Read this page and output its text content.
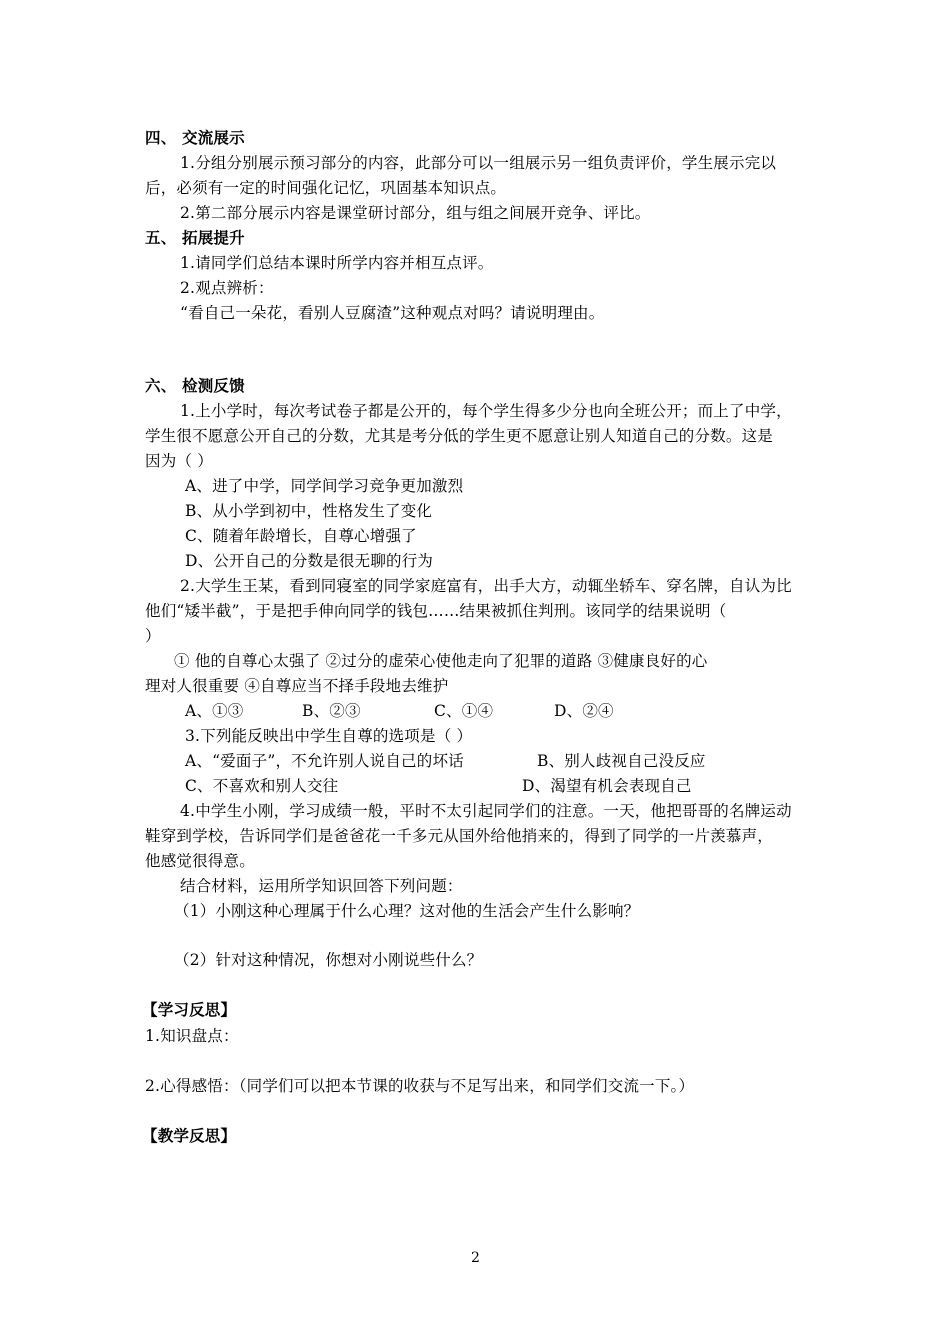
四、 交流展示
1.分组分别展示预习部分的内容，此部分可以一组展示另一组负责评价，学生展示完以
后，必须有一定的时间强化记忆，巩固基本知识点。
2.第二部分展示内容是课堂研讨部分，组与组之间展开竞争、评比。
五、 拓展提升
1.请同学们总结本课时所学内容并相互点评。
2.观点辨析：
“看自己一朵花，看别人豆腐渣”这种观点对吗？请说明理由。
六、 检测反馈
1.上小学时，每次考试卷子都是公开的，每个学生得多少分也向全班公开；而上了中学，
学生很不愿意公开自己的分数，尤其是考分低的学生更不愿意让别人知道自己的分数。这是
因为（ ）
A、进了中学，同学间学习竞争更加激烈
B、从小学到初中，性格发生了变化
C、随着年龄增长，自尊心增强了
D、公开自己的分数是很无聊的行为
2.大学生王某，看到同寝室的同学家庭富有，出手大方，动辄坐轿车、穿名牌，自认为比
他们“矮半截”，于是把手伸向同学的钱包……结果被抓住判刑。该同学的结果说明（
）
① 他的自尊心太强了 ②过分的虚荣心使他走向了犯罪的道路 ③健康良好的心
理对人很重要 ④自尊应当不择手段地去维护
A、①③	B、②③	C、①④	D、②④
3.下列能反映出中学生自尊的选项是（ ）
A、“爱面子”，不允许别人说自己的坏话	B、别人歧视自己没反应
C、不喜欢和别人交往	D、渴望有机会表现自己
4.中学生小刚，学习成绩一般，平时不太引起同学们的注意。一天，他把哥哥的名牌运动
鞋穿到学校，告诉同学们是爸爸花一千多元从国外给他捎来的，得到了同学的一片羡慕声，
他感觉很得意。
结合材料，运用所学知识回答下列问题：
（1）小刚这种心理属于什么心理？这对他的生活会产生什么影响？
（2）针对这种情况，你想对小刚说些什么？
【学习反思】
1.知识盘点：
2.心得感悟：（同学们可以把本节课的收获与不足写出来，和同学们交流一下。）
【教学反思】
2
